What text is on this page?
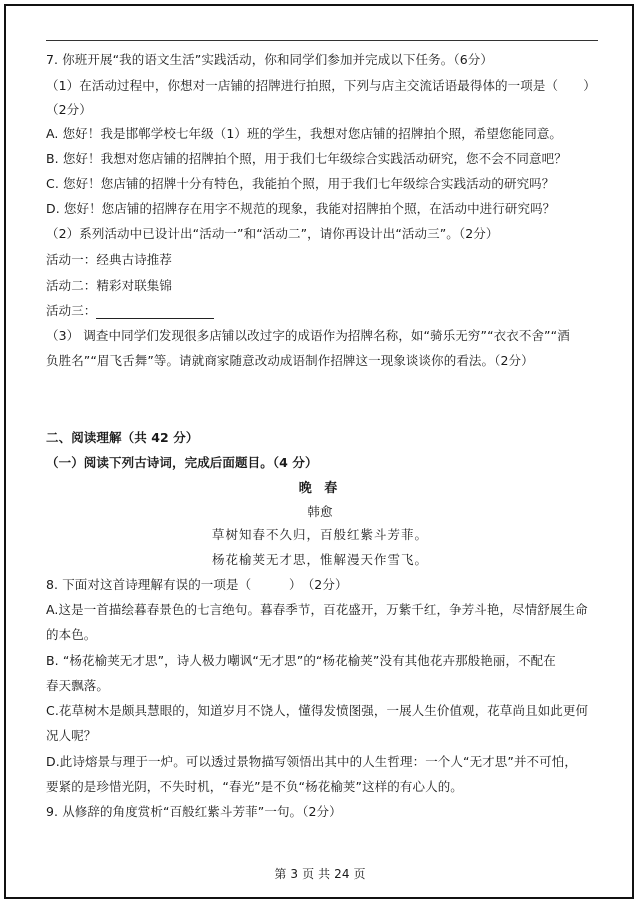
7. 你班开展“我的语文生活”实践活动，你和同学们参加并完成以下任务。（6分）
（1）在活动过程中，你想对一店铺的招牌进行拍照，下列与店主交流话语最得体的一项是（　　）
（2分）
A. 您好！我是邯郸学校七年级（1）班的学生，我想对您店铺的招牌拍个照，希望您能同意。
B. 您好！我想对您店铺的招牌拍个照，用于我们七年级综合实践活动研究，您不会不同意吧？
C. 您好！您店铺的招牌十分有特色，我能拍个照，用于我们七年级综合实践活动的研究吗？
D. 您好！您店铺的招牌存在用字不规范的现象，我能对招牌拍个照，在活动中进行研究吗？
（2）系列活动中已设计出“活动一”和“活动二”，请你再设计出“活动三”。（2分）
活动一：经典古诗推荐
活动二：精彩对联集锦
活动三：
（3） 调查中同学们发现很多店铺以改过字的成语作为招牌名称，如“骑乐无穷”“衣衣不舍”“酒
负胜名”“眉飞舌舞”等。请就商家随意改动成语制作招牌这一现象谈谈你的看法。（2分）
二、阅读理解（共 42 分）
（一）阅读下列古诗词，完成后面题目。（4 分）
晚 春
韩愈
草树知春不久归，百般红紫斗芳菲。
杨花榆荚无才思，惟解漫天作雪飞。
8. 下面对这首诗理解有误的一项是（　　　）　（2分）
A.这是一首描绘暮春景色的七言绝句。暮春季节，百花盛开，万紫千红，争芳斗艳，尽情舒展生命
的本色。
B. “杨花榆荚无才思”，诗人极力嘲讽“无才思”的“杨花榆荚”没有其他花卉那般艳丽，不配在
春天飘落。
C.花草树木是颇具慧眼的，知道岁月不饶人，懂得发愤图强，一展人生价值观，花草尚且如此更何
况人呢？
D.此诗熔景与理于一炉。可以透过景物描写领悟出其中的人生哲理：一个人“无才思”并不可怕，
要紧的是珍惜光阴，不失时机，“春光”是不负“杨花榆荚”这样的有心人的。
9. 从修辞的角度赏析“百般红紫斗芳菲”一句。（2分）
第 3 页 共 24 页
